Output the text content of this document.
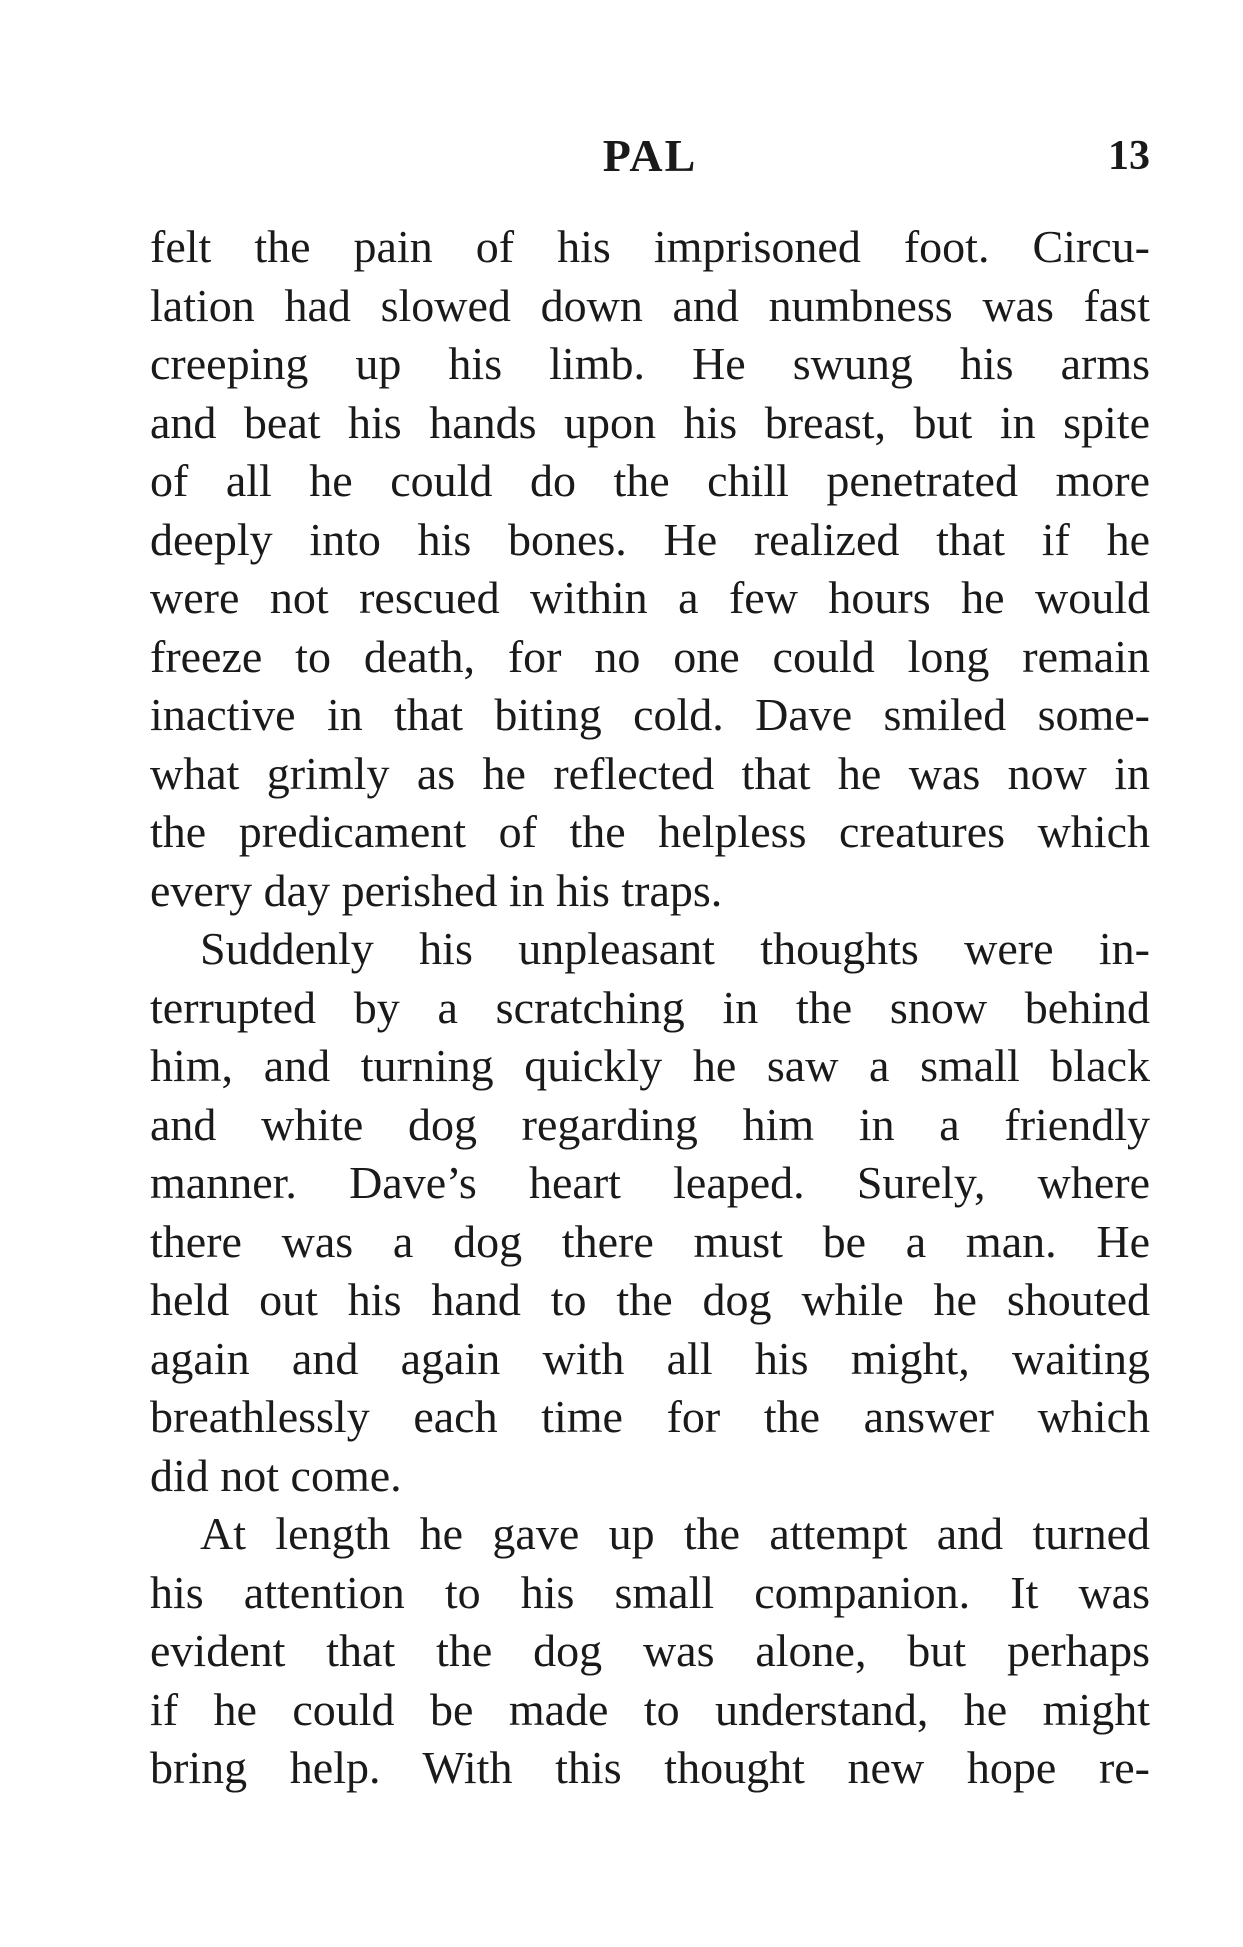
PAL	13
felt the pain of his imprisoned foot. Circu-
lation had slowed down and numbness was fast
creeping up his limb. He swung his arms
and beat his hands upon his breast, but in spite
of all he could do the chill penetrated more
deeply into his bones. He realized that if he
were not rescued within a few hours he would
freeze to death, for no one could long remain
inactive in that biting cold. Dave smiled some-
what grimly as he reflected that he was now in
the predicament of the helpless creatures which
every day perished in his traps.
Suddenly his unpleasant thoughts were in-
terrupted by a scratching in the snow behind
him, and turning quickly he saw a small black
and white dog regarding him in a friendly
manner. Dave’s heart leaped. Surely, where
there was a dog there must be a man. He
held out his hand to the dog while he shouted
again and again with all his might, waiting
breathlessly each time for the answer which
did not come.
At length he gave up the attempt and turned
his attention to his small companion. It was
evident that the dog was alone, but perhaps
if he could be made to understand, he might
bring help. With this thought new hope re-
